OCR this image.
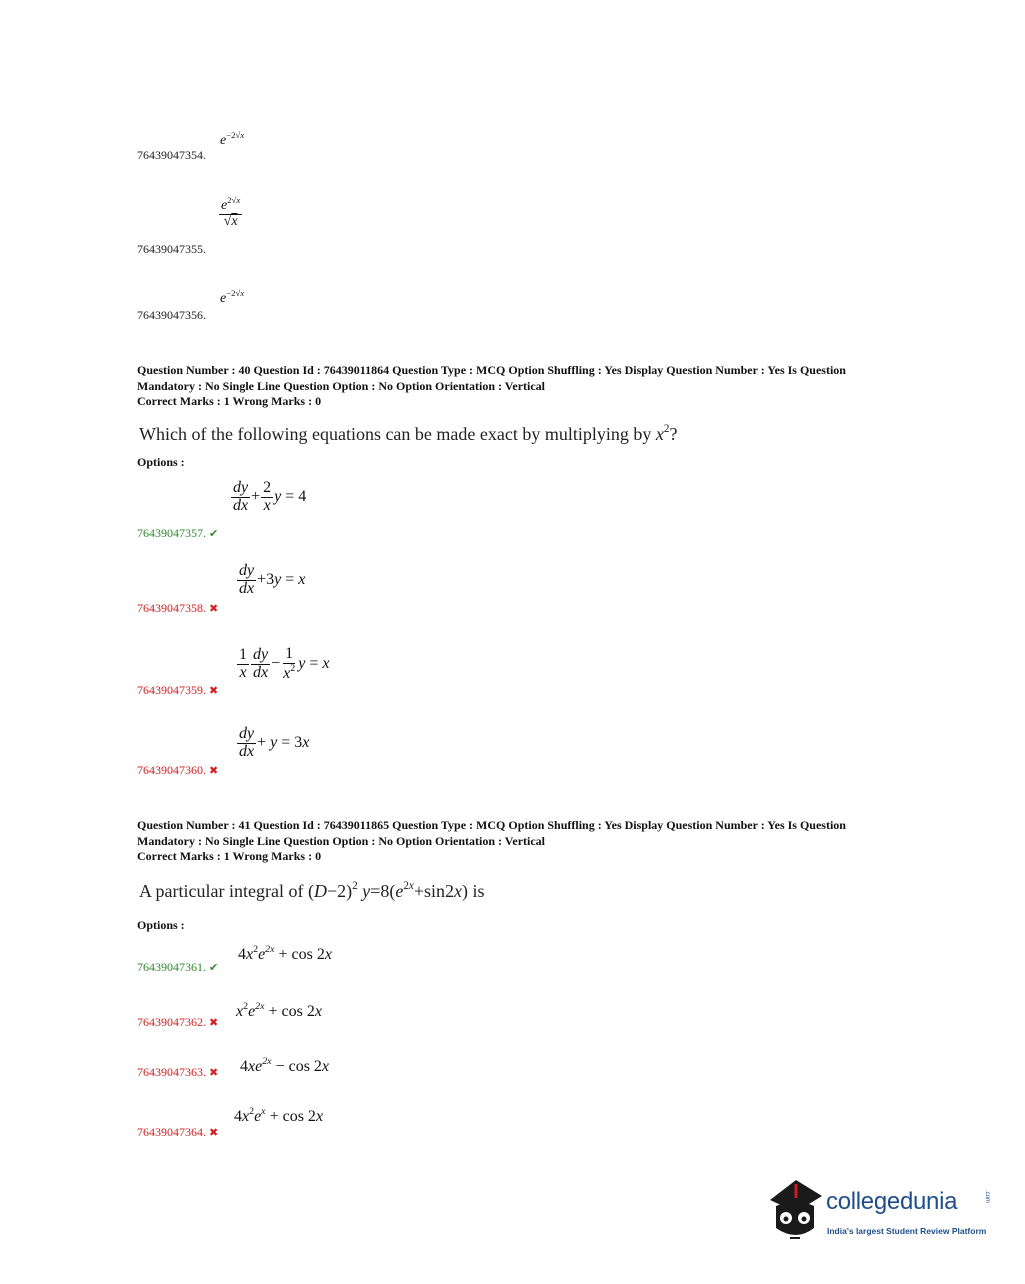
76439047354.
$e^{-2√x}$
76439047355.
$\frac{e^{2√x}}{√x}$
76439047356.
$e^{-2√x}$
Question Number : 40 Question Id : 76439011864 Question Type : MCQ Option Shuffling : Yes Display Question Number : Yes Is Question
Mandatory : No Single Line Question Option : No Option Orientation : Vertical
Correct Marks : 1 Wrong Marks : 0
Which of the following equations can be made exact by multiplying by $x^2$?
Options :
76439047357. ✔
$\frac{dy}{dx} + \frac{2}{x}$ y = 4
76439047358. ✖
$\frac{dy}{dx} +3y = x$
76439047359. ✖
$\frac{1}{x} \frac{dy}{dx} - \frac{1}{x^2}$ y = x
76439047360. ✖
$\frac{dy}{dx} + y = 3x$
Question Number : 41 Question Id : 76439011865 Question Type : MCQ Option Shuffling : Yes Display Question Number : Yes Is Question
Mandatory : No Single Line Question Option : No Option Orientation : Vertical
Correct Marks : 1 Wrong Marks : 0
A particular integral of $(D-2)^2$ $y=8(e^{2x}+\sin 2x)$ is
Options :
76439047361. ✔
$4x^2e^{2x} + \cos 2x$
76439047362. ✖
$x^2e^{2x} + \cos 2x$
76439047363. ✖ $4xe^{2x} - \cos 2x$
76439047364. ✖
$4x^2e^x + \cos 2x$
collegedunia	.com
India's largest Student Review Platform
